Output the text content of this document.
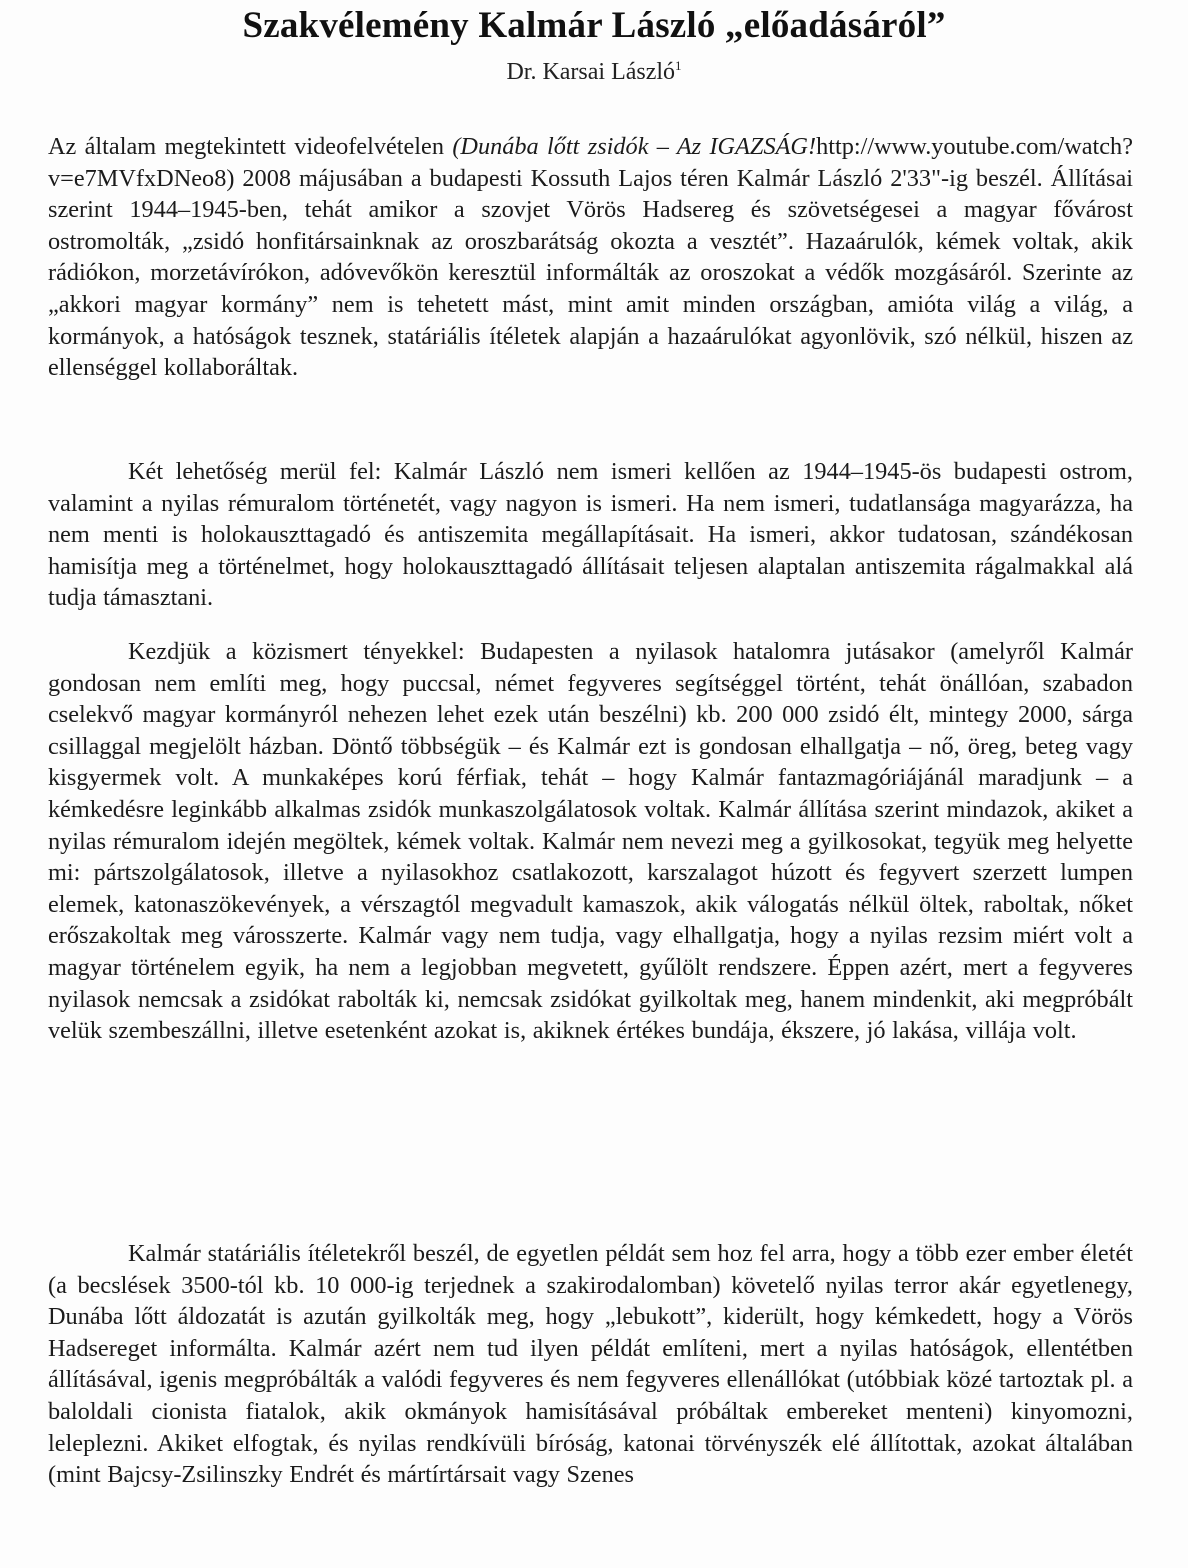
Szakvélemény Kalmár László „előadásáról”

Dr. Karsai László$^1$

Az általam megtekintett videofelvételen (Dunába lőtt zsidók – Az IGAZSÁG!http://www.youtube.com/watch?v=e7MVfxDNeo8) 2008 májusában a budapesti Kossuth Lajos téren Kalmár László 2'33"-ig beszél. Állításai szerint 1944–1945-ben, tehát amikor a szovjet Vörös Hadsereg és szövetségesei a magyar fővárost ostromolták, „zsidó honfitársainknak az oroszbarátság okozta a vesztét”. Hazaárulók, kémek voltak, akik rádiókon, morzetávírókon, adóvevőkön keresztül informálták az oroszokat a védők mozgásáról. Szerinte az „akkori magyar kormány” nem is tehetett mást, mint amit minden országban, amióta világ a világ, a kormányok, a hatóságok tesznek, statáriális ítéletek alapján a hazaárulókat agyonlövik, szó nélkül, hiszen az ellenséggel kollaboráltak.

Két lehetőség merül fel: Kalmár László nem ismeri kellően az 1944–1945-ös budapesti ostrom, valamint a nyilas rémuralom történetét, vagy nagyon is ismeri. Ha nem ismeri, tudatlansága magyarázza, ha nem menti is holokauszttagadó és antiszemita megállapításait. Ha ismeri, akkor tudatosan, szándékosan hamisítja meg a történelmet, hogy holokauszttagadó állításait teljesen alaptalan antiszemita rágalmakkal alá tudja támasztani.

Kezdjük a közismert tényekkel: Budapesten a nyilasok hatalomra jutásakor (amelyről Kalmár gondosan nem említi meg, hogy puccsal, német fegyveres segítséggel történt, tehát önállóan, szabadon cselekvő magyar kormányról nehezen lehet ezek után beszélni) kb. 200 000 zsidó élt, mintegy 2000, sárga csillaggal megjelölt házban. Döntő többségük – és Kalmár ezt is gondosan elhallgatja – nő, öreg, beteg vagy kisgyermek volt. A munkaképes korú férfiak, tehát – hogy Kalmár fantazmagóriájánál maradjunk – a kémkedésre leginkább alkalmas zsidók munkaszolgálatosok voltak. Kalmár állítása szerint mindazok, akiket a nyilas rémuralom idején megöltek, kémek voltak. Kalmár nem nevezi meg a gyilkosokat, tegyük meg helyette mi: pártszolgálatosok, illetve a nyilasokhoz csatlakozott, karszalagot húzott és fegyvert szerzett lumpen elemek, katonaszökevények, a vérszagtól megvadult kamaszok, akik válogatás nélkül öltek, raboltak, nőket erőszakoltak meg városszerte. Kalmár vagy nem tudja, vagy elhallgatja, hogy a nyilas rezsim miért volt a magyar történelem egyik, ha nem a legjobban megvetett, gyűlölt rendszere. Éppen azért, mert a fegyveres nyilasok nemcsak a zsidókat rabolták ki, nemcsak zsidókat gyilkoltak meg, hanem mindenkit, aki megpróbált velük szembeszállni, illetve esetenként azokat is, akiknek értékes bundája, ékszere, jó lakása, villája volt.

Kalmár statáriális ítéletekről beszél, de egyetlen példát sem hoz fel arra, hogy a több ezer ember életét (a becslések 3500-tól kb. 10 000-ig terjednek a szakirodalomban) követelő nyilas terror akár egyetlenegy, Dunába lőtt áldozatát is azután gyilkolták meg, hogy „lebukott”, kiderült, hogy kémkedett, hogy a Vörös Hadsereget informálta. Kalmár azért nem tud ilyen példát említeni, mert a nyilas hatóságok, ellentétben állításával, igenis megpróbálták a valódi fegyveres és nem fegyveres ellenállókat (utóbbiak közé tartoztak pl. a baloldali cionista fiatalok, akik okmányok hamisításával próbáltak embereket menteni) kinyomozni, leleplezni. Akiket elfogtak, és nyilas rendkívüli bíróság, katonai törvényszék elé állítottak, azokat általában (mint Bajcsy-Zsilinszky Endrét és mártírtársait vagy Szenes
